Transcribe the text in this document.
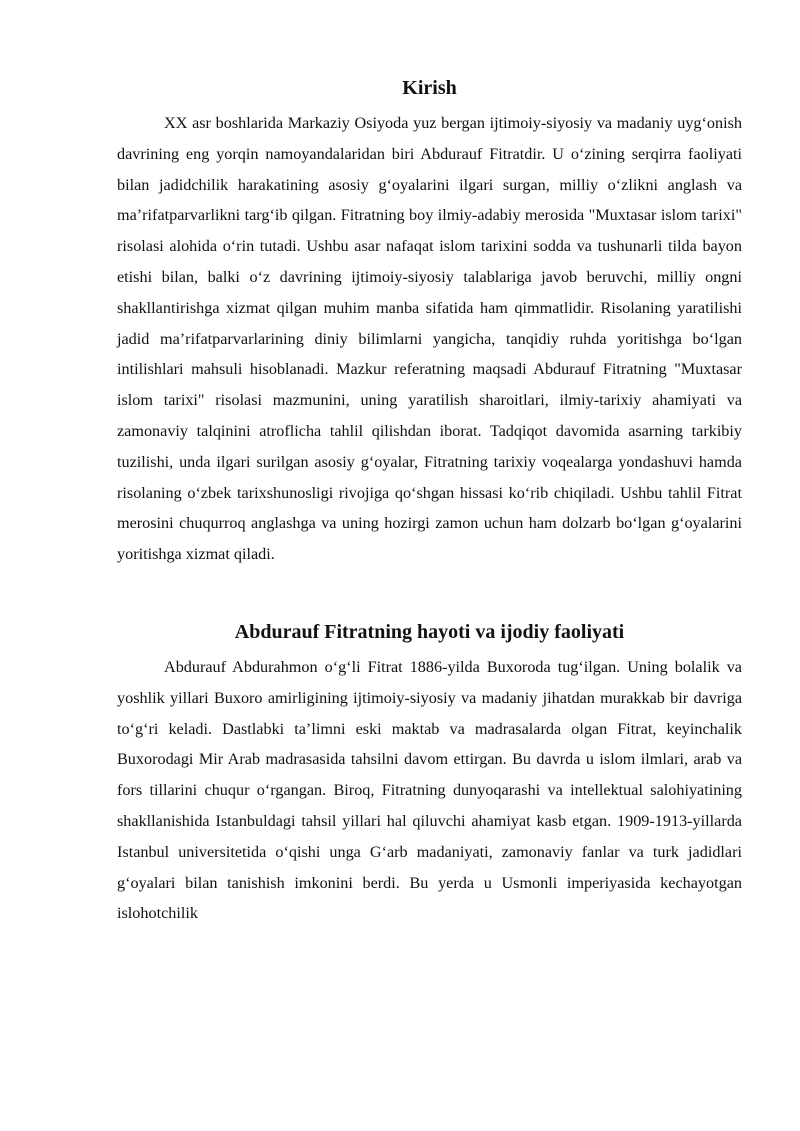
Kirish

XX asr boshlarida Markaziy Osiyoda yuz bergan ijtimoiy-siyosiy va madaniy uyg‘onish davrining eng yorqin namoyandalaridan biri Abdurauf Fitratdir. U o‘zining serqirra faoliyati bilan jadidchilik harakatining asosiy g‘oyalarini ilgari surgan, milliy o‘zlikni anglash va ma’rifatparvarlikni targ‘ib qilgan. Fitratning boy ilmiy-adabiy merosida "Muxtasar islom tarixi" risolasi alohida o‘rin tutadi. Ushbu asar nafaqat islom tarixini sodda va tushunarli tilda bayon etishi bilan, balki o‘z davrining ijtimoiy-siyosiy talablariga javob beruvchi, milliy ongni shakllantirishga xizmat qilgan muhim manba sifatida ham qimmatlidir. Risolaning yaratilishi jadid ma’rifatparvarlarining diniy bilimlarni yangicha, tanqidiy ruhda yoritishga bo‘lgan intilishlari mahsuli hisoblanadi. Mazkur referatning maqsadi Abdurauf Fitratning "Muxtasar islom tarixi" risolasi mazmunini, uning yaratilish sharoitlari, ilmiy-tarixiy ahamiyati va zamonaviy talqinini atroflicha tahlil qilishdan iborat. Tadqiqot davomida asarning tarkibiy tuzilishi, unda ilgari surilgan asosiy g‘oyalar, Fitratning tarixiy voqealarga yondashuvi hamda risolaning o‘zbek tarixshunosligi rivojiga qo‘shgan hissasi ko‘rib chiqiladi. Ushbu tahlil Fitrat merosini chuqurroq anglashga va uning hozirgi zamon uchun ham dolzarb bo‘lgan g‘oyalarini yoritishga xizmat qiladi.

Abdurauf Fitratning hayoti va ijodiy faoliyati

Abdurauf Abdurahmon o‘g‘li Fitrat 1886-yilda Buxoroda tug‘ilgan. Uning bolalik va yoshlik yillari Buxoro amirligining ijtimoiy-siyosiy va madaniy jihatdan murakkab bir davriga to‘g‘ri keladi. Dastlabki ta’limni eski maktab va madrasalarda olgan Fitrat, keyinchalik Buxorodagi Mir Arab madrasasida tahsilni davom ettirgan. Bu davrda u islom ilmlari, arab va fors tillarini chuqur o‘rgangan. Biroq, Fitratning dunyoqarashi va intellektual salohiyatining shakllanishida Istanbuldagi tahsil yillari hal qiluvchi ahamiyat kasb etgan. 1909-1913-yillarda Istanbul universitetida o‘qishi unga G‘arb madaniyati, zamonaviy fanlar va turk jadidlari g‘oyalari bilan tanishish imkonini berdi. Bu yerda u Usmonli imperiyasida kechayotgan islohotchilik
